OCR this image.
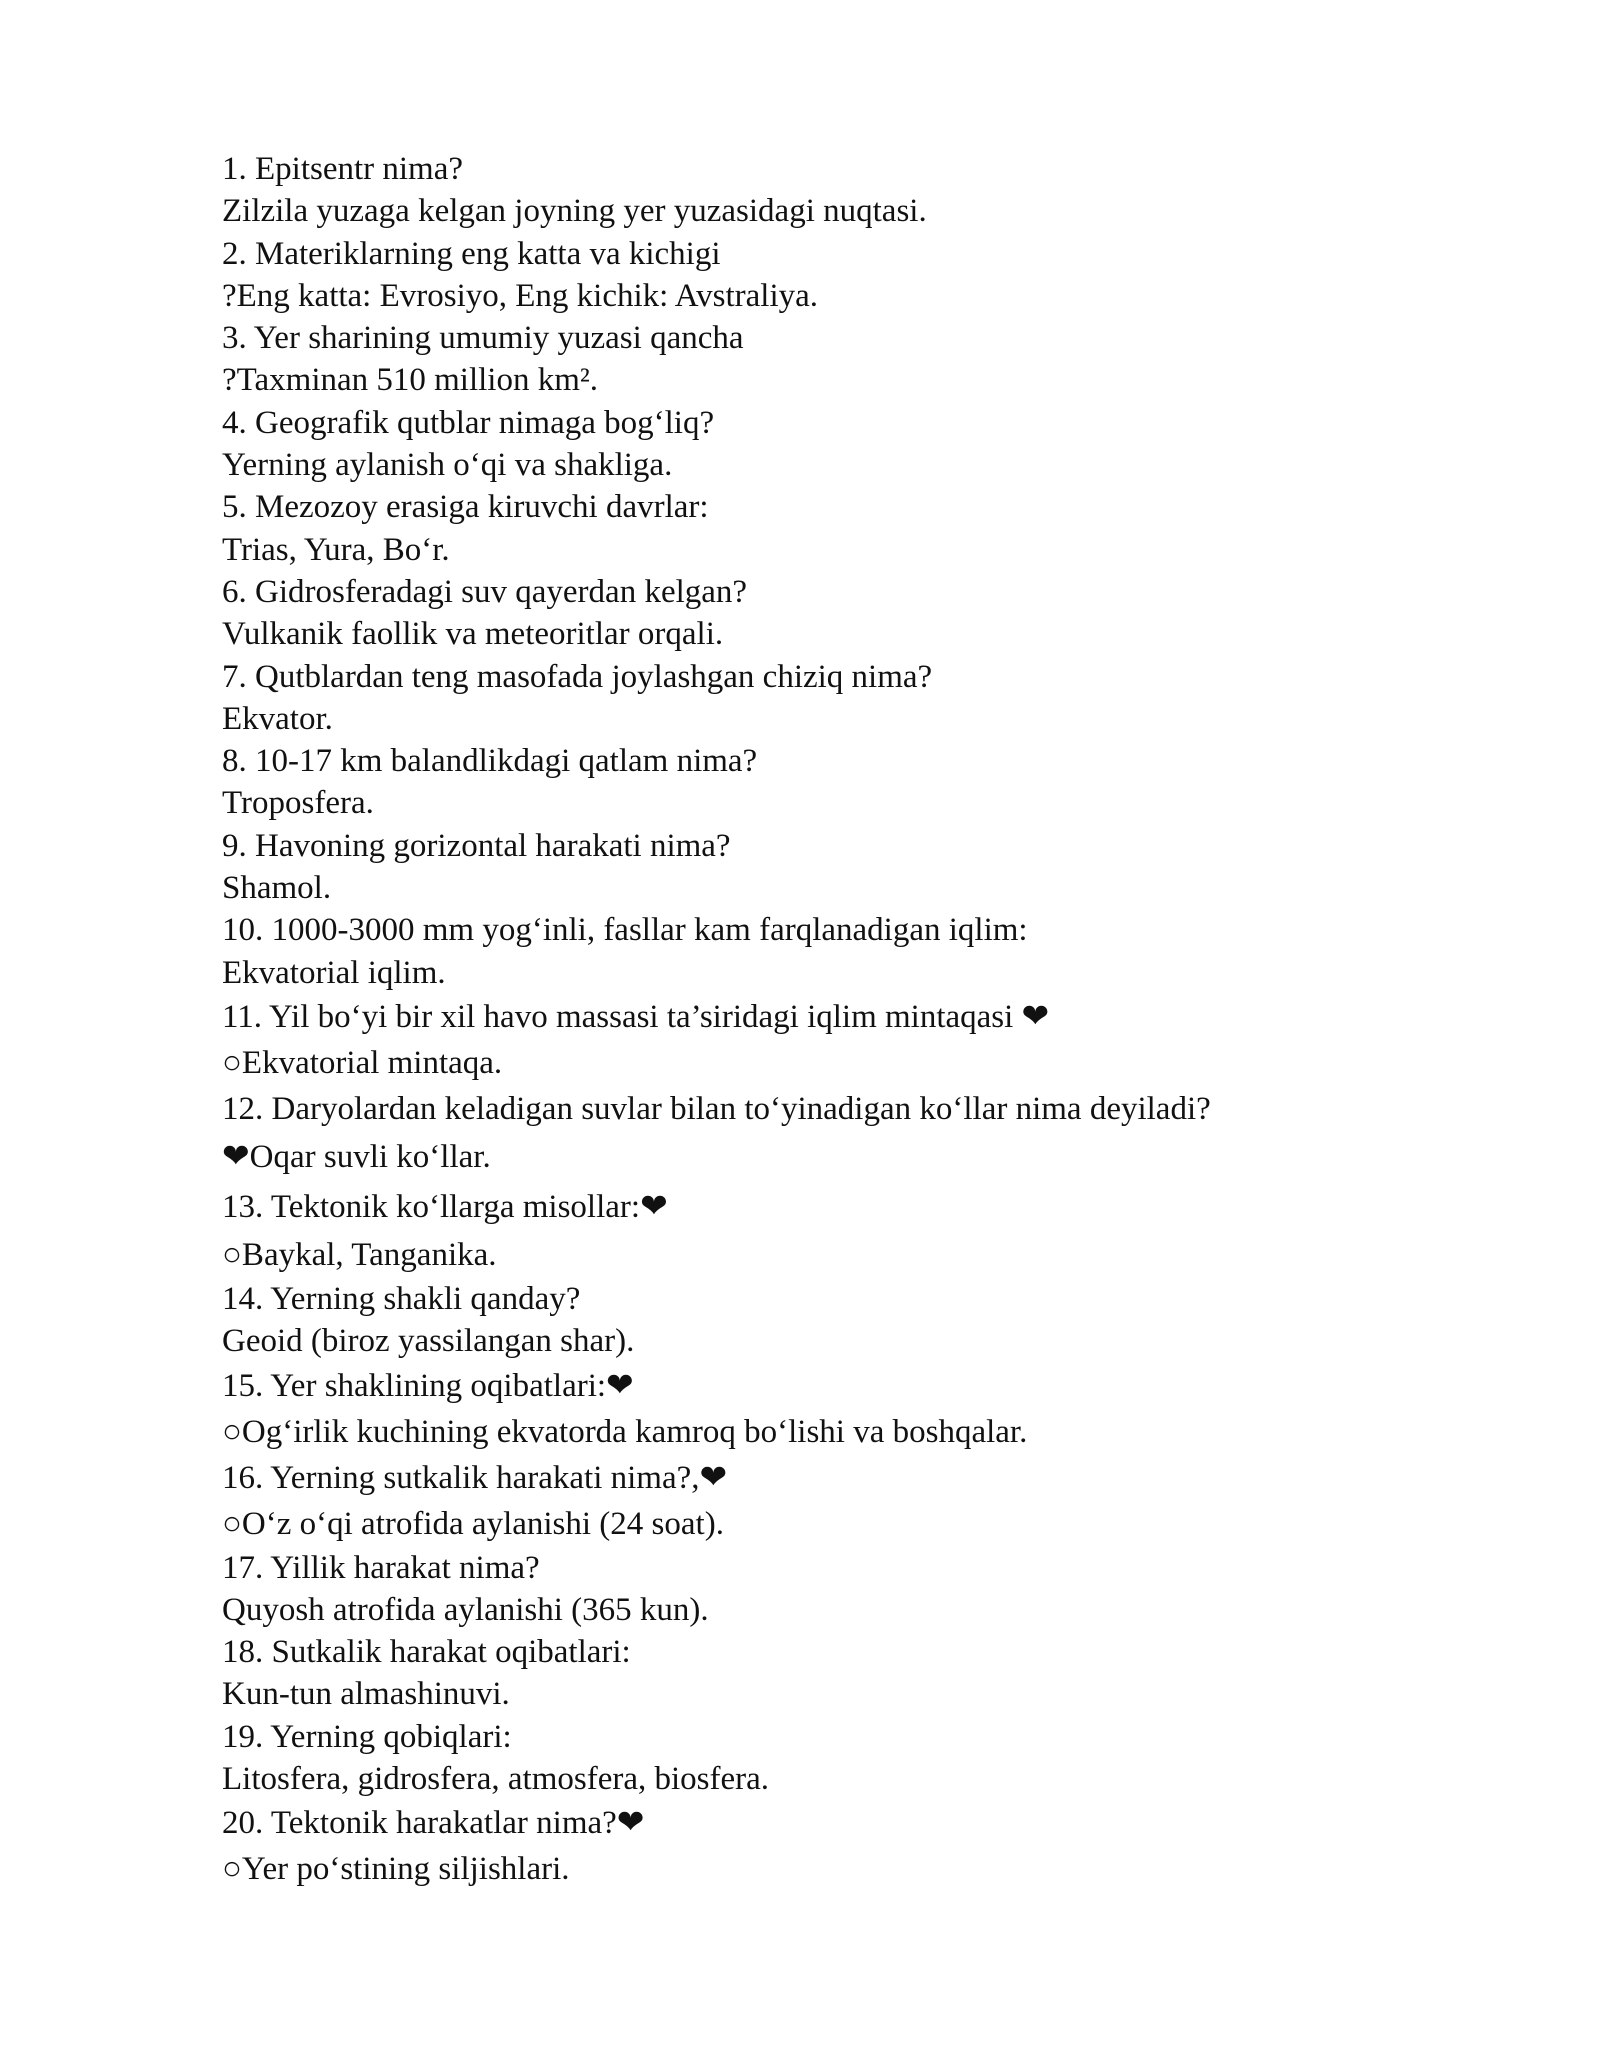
1. Epitsentr nima?
Zilzila yuzaga kelgan joyning yer yuzasidagi nuqtasi.
2. Materiklarning eng katta va kichigi
?Eng katta: Evrosiyo, Eng kichik: Avstraliya.
3. Yer sharining umumiy yuzasi qancha
?Taxminan 510 million km².
4. Geografik qutblar nimaga bog‘liq?
Yerning aylanish o‘qi va shakliga.
5. Mezozoy erasiga kiruvchi davrlar:
Trias, Yura, Bo‘r.
6. Gidrosferadagi suv qayerdan kelgan?
Vulkanik faollik va meteoritlar orqali.
7. Qutblardan teng masofada joylashgan chiziq nima?
Ekvator.
8. 10-17 km balandlikdagi qatlam nima?
Troposfera.
9. Havoning gorizontal harakati nima?
Shamol.
10. 1000-3000 mm yog‘inli, fasllar kam farqlanadigan iqlim:
Ekvatorial iqlim.
11. Yil bo‘yi bir xil havo massasi ta’siridagi iqlim mintaqasi ❤
○Ekvatorial mintaqa.
12. Daryolardan keladigan suvlar bilan to‘yinadigan ko‘llar nima deyiladi?
❤Oqar suvli ko‘llar.
13. Tektonik ko‘llarga misollar:❤
○Baykal, Tanganika.
14. Yerning shakli qanday?
Geoid (biroz yassilangan shar).
15. Yer shaklining oqibatlari:❤
○Og‘irlik kuchining ekvatorda kamroq bo‘lishi va boshqalar.
16. Yerning sutkalik harakati nima?,❤
○O‘z o‘qi atrofida aylanishi (24 soat).
17. Yillik harakat nima?
Quyosh atrofida aylanishi (365 kun).
18. Sutkalik harakat oqibatlari:
Kun-tun almashinuvi.
19. Yerning qobiqlari:
Litosfera, gidrosfera, atmosfera, biosfera.
20. Tektonik harakatlar nima?❤
○Yer po‘stining siljishlari.
